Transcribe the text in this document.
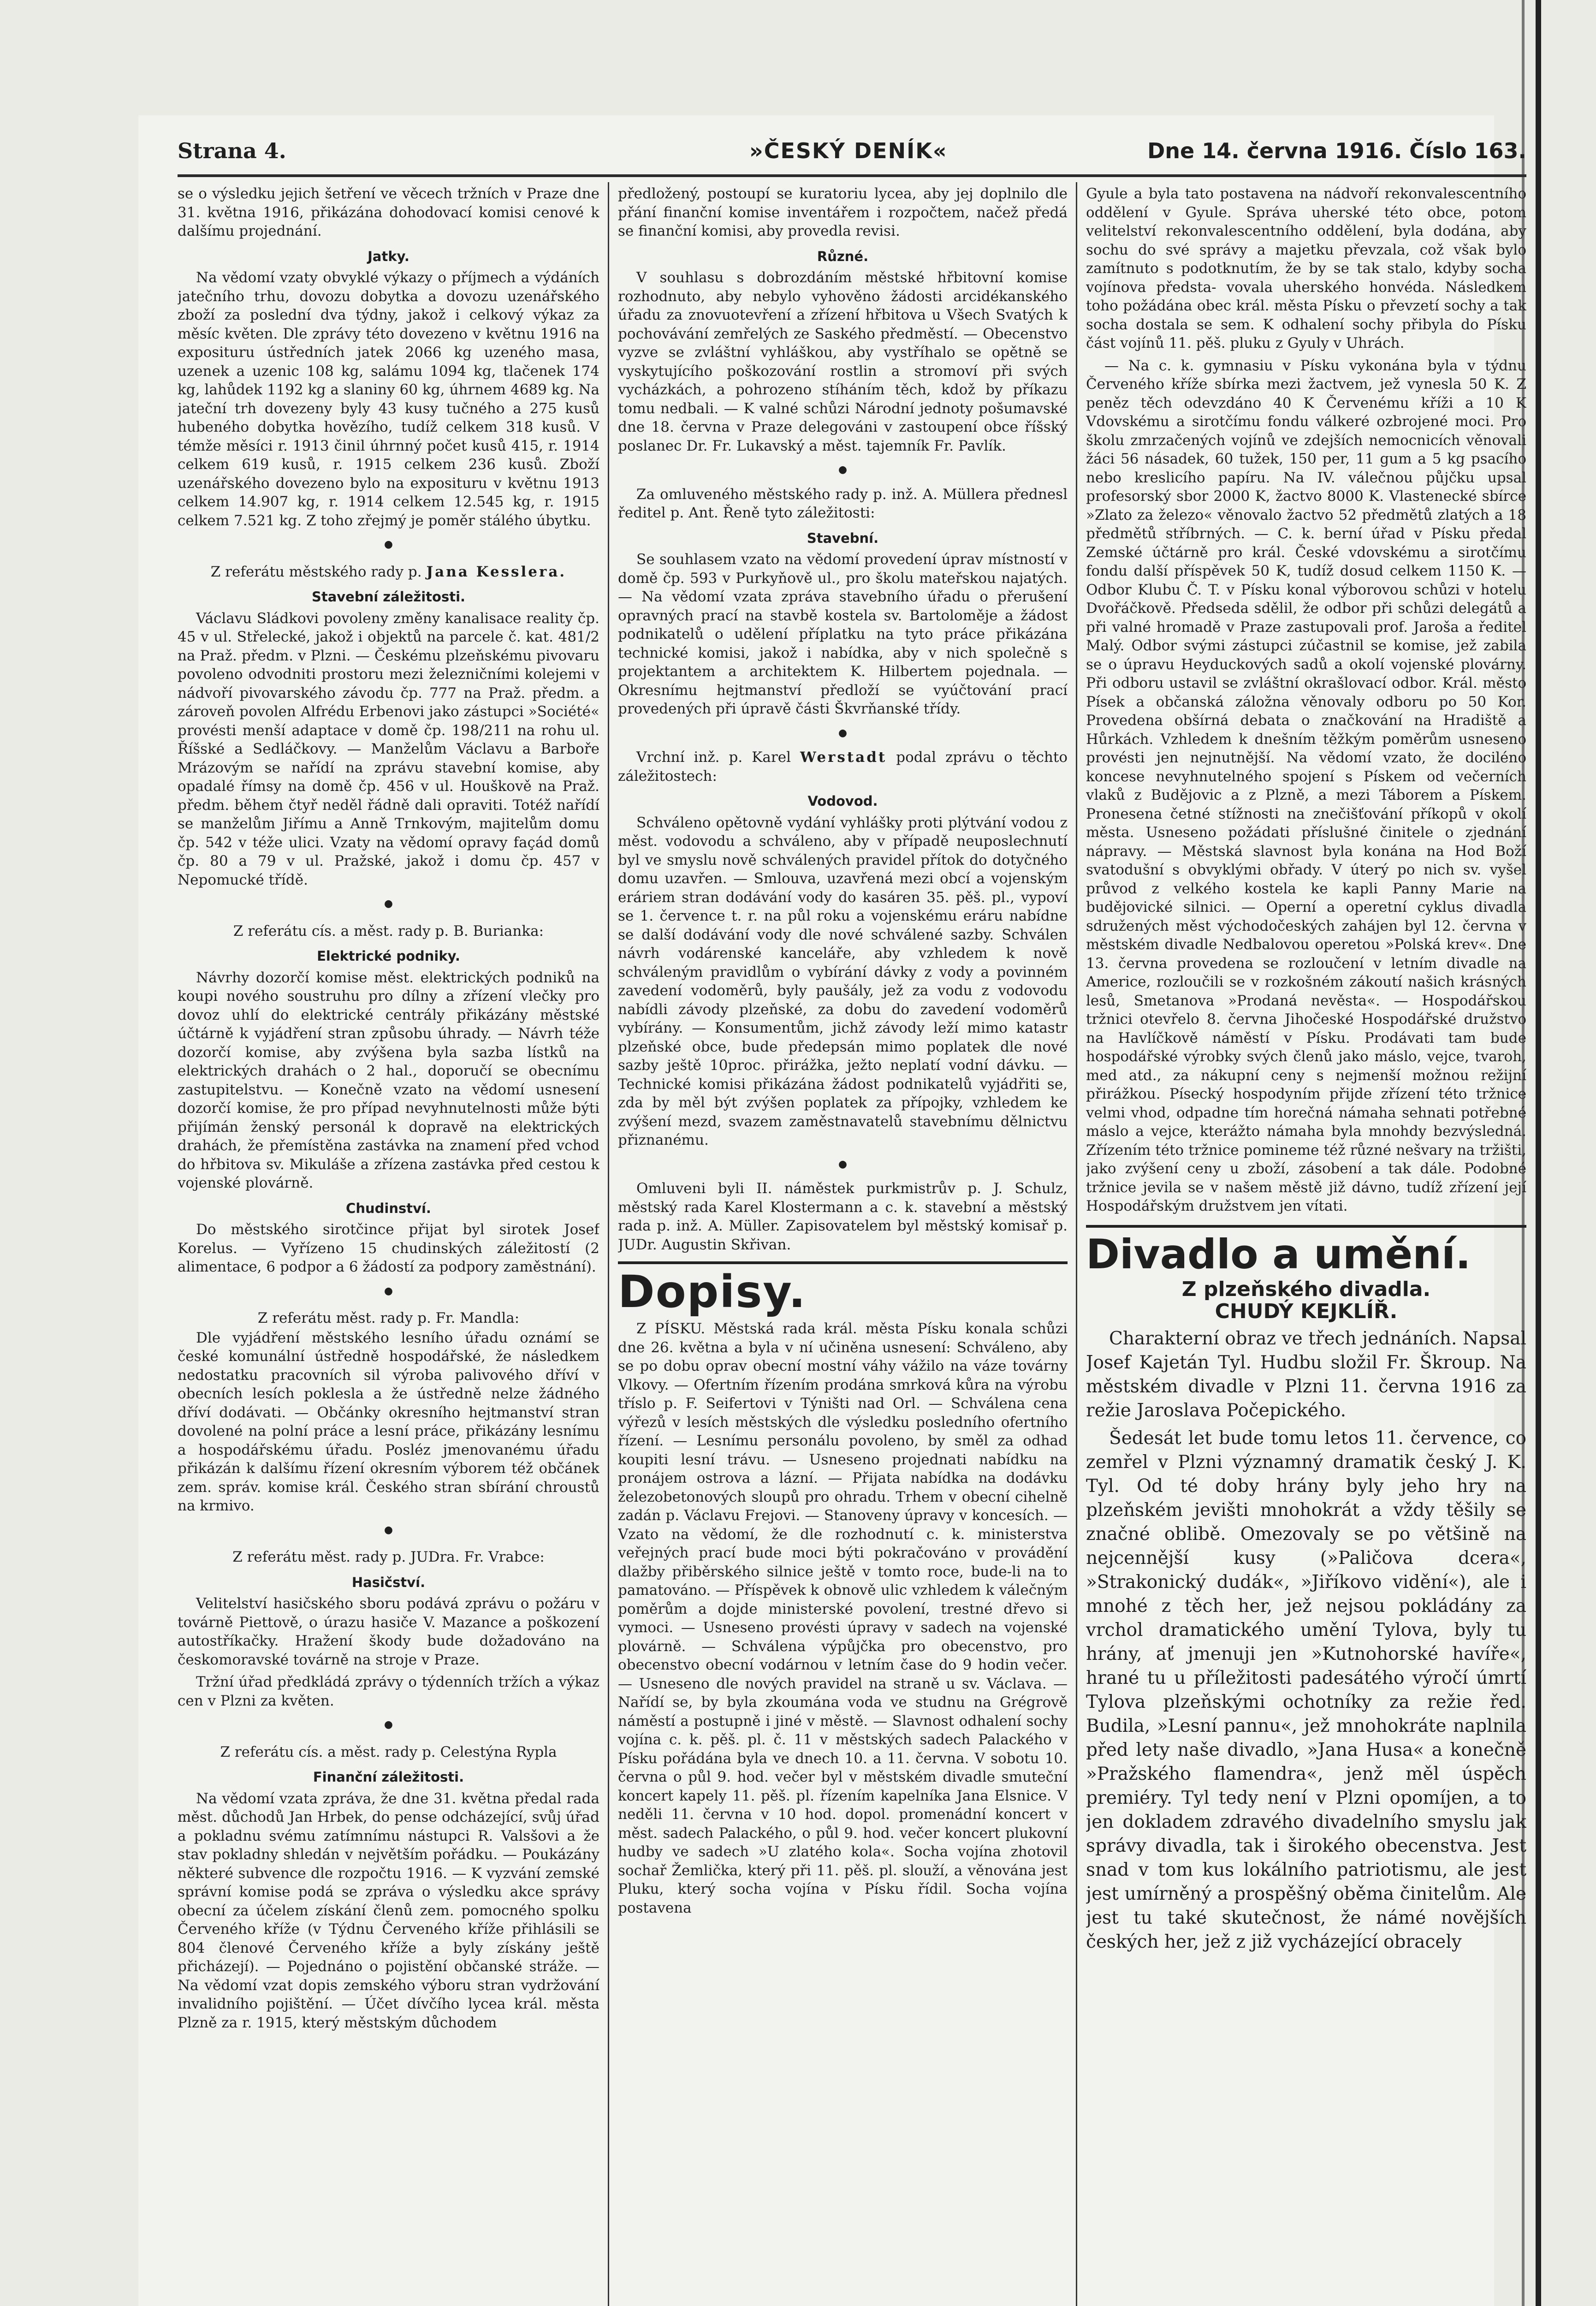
Strana 4.	»ČESKÝ DENÍK«	Dne 14. června 1916. Číslo 163.

se o výsledku jejich šetření ve věcech tržních v Praze dne 31. května 1916, přikázána dohodovací komisi cenové k dalšímu projednání.

Jatky.

Na vědomí vzaty obvyklé výkazy o příjmech a výdáních jatečního trhu, dovozu dobytka a dovozu uzenářského zboží za poslední dva týdny, jakož i celkový výkaz za měsíc květen. Dle zprávy této dovezeno v květnu 1916 na exposituru ústředních jatek 2066 kg uzeného masa, uzenek a uzenic 108 kg, salámu 1094 kg, tlačenek 174 kg, lahůdek 1192 kg a slaniny 60 kg, úhrnem 4689 kg. Na jateční trh dovezeny byly 43 kusy tučného a 275 kusů hubeného dobytka hovězího, tudíž celkem 318 kusů. V témže měsíci r. 1913 činil úhrnný počet kusů 415, r. 1914 celkem 619 kusů, r. 1915 celkem 236 kusů. Zboží uzenářského dovezeno bylo na exposituru v květnu 1913 celkem 14.907 kg, r. 1914 celkem 12.545 kg, r. 1915 celkem 7.521 kg. Z toho zřejmý je poměr stálého úbytku.

●
Z referátu městského rady p. Jana Kesslera.
Stavební záležitosti.

Václavu Sládkovi povoleny změny kanalisace reality čp. 45 v ul. Střelecké, jakož i objektů na parcele č. kat. 481/2 na Praž. předm. v Plzni. — Českému plzeňskému pivovaru povoleno odvodniti prostoru mezi železničními kolejemi v nádvoří pivovarského závodu čp. 777 na Praž. předm. a zároveň povolen Alfrédu Erbenovi jako zástupci »Société« provésti menší adaptace v domě čp. 198/211 na rohu ul. Říšské a Sedláčkovy. — Manželům Václavu a Barboře Mrázovým se nařídí na zprávu stavební komise, aby opadalé římsy na domě čp. 456 v ul. Houškově na Praž. předm. během čtyř neděl řádně dali opraviti. Totéž nařídí se manželům Jiřímu a Anně Trnkovým, majitelům domu čp. 542 v téže ulici. Vzaty na vědomí opravy façád domů čp. 80 a 79 v ul. Pražské, jakož i domu čp. 457 v Nepomucké třídě.

●
Z referátu cís. a měst. rady p. B. Burianka:
Elektrické podniky.

Návrhy dozorčí komise měst. elektrických podniků na koupi nového soustruhu pro dílny a zřízení vlečky pro dovoz uhlí do elektrické centrály přikázány městské účtárně k vyjádření stran způsobu úhrady. — Návrh téže dozorčí komise, aby zvýšena byla sazba lístků na elektrických drahách o 2 hal., doporučí se obecnímu zastupitelstvu. — Konečně vzato na vědomí usnesení dozorčí komise, že pro případ nevyhnutelnosti může býti přijímán ženský personál k dopravě na elektrických drahách, že přemístěna zastávka na znamení před vchod do hřbitova sv. Mikuláše a zřízena zastávka před cestou k vojenské plovárně.

Chudinství.

Do městského sirotčince přijat byl sirotek Josef Korelus. — Vyřízeno 15 chudinských záležitostí (2 alimentace, 6 podpor a 6 žádostí za podpory zaměstnání).

●
Z referátu měst. rady p. Fr. Mandla:

Dle vyjádření městského lesního úřadu oznámí se české komunální ústředně hospodářské, že následkem nedostatku pracovních sil výroba palivového dříví v obecních lesích poklesla a že ústředně nelze žádného dříví dodávati. — Občánky okresního hejtmanství stran dovolené na polní práce a lesní práce, přikázány lesnímu a hospodářskému úřadu. Posléz jmenovanému úřadu přikázán k dalšímu řízení okresním výborem též občánek zem. správ. komise král. Českého stran sbírání chroustů na krmivo.

●
Z referátu měst. rady p. JUDra. Fr. Vrabce:
Hasičství.

Velitelství hasičského sboru podává zprávu o požáru v továrně Piettově, o úrazu hasiče V. Mazance a poškození autostříkačky. Hražení škody bude dožadováno na českomoravské továrně na stroje v Praze.

Tržní úřad předkládá zprávy o týdenních tržích a výkaz cen v Plzni za květen.

●
Z referátu cís. a měst. rady p. Celestýna Rypla
Finanční záležitosti.

Na vědomí vzata zpráva, že dne 31. května předal rada měst. důchodů Jan Hrbek, do pense odcházející, svůj úřad a pokladnu svému zatímnímu nástupci R. Valsšovi a že stav pokladny shledán v největším pořádku. — Poukázány některé subvence dle rozpočtu 1916. — K vyzvání zemské správní komise podá se zpráva o výsledku akce správy obecní za účelem získání členů zem. pomocného spolku Červeného kříže (v Týdnu Červeného kříže přihlásili se 804 členové Červeného kříže a byly získány ještě přicházejí). — Pojednáno o pojistění občanské stráže. — Na vědomí vzat dopis zemského výboru stran vydržování invalidního pojištění. — Účet dívčího lycea král. města Plzně za r. 1915, který městským důchodem

předložený, postoupí se kuratoriu lycea, aby jej doplnilo dle přání finanční komise inventářem i rozpočtem, načež předá se finanční komisi, aby provedla revisi.

Různé.

V souhlasu s dobrozdáním městské hřbitovní komise rozhodnuto, aby nebylo vyhověno žádosti arcidékanského úřadu za znovuotevření a zřízení hřbitova u Všech Svatých k pochovávání zemřelých ze Saského předměstí. — Obecenstvo vyzve se zvláštní vyhláškou, aby vystříhalo se opětně se vyskytujícího poškozování rostlin a stromoví při svých vycházkách, a pohrozeno stíháním těch, kdož by příkazu tomu nedbali. — K valné schůzi Národní jednoty pošumavské dne 18. června v Praze delegováni v zastoupení obce říšský poslanec Dr. Fr. Lukavský a měst. tajemník Fr. Pavlík.

●

Za omluveného městského rady p. inž. A. Müllera přednesl ředitel p. Ant. Řeně tyto záležitosti:

Stavební.

Se souhlasem vzato na vědomí provedení úprav místností v domě čp. 593 v Purkyňově ul., pro školu mateřskou najatých. — Na vědomí vzata zpráva stavebního úřadu o přerušení opravných prací na stavbě kostela sv. Bartoloměje a žádost podnikatelů o udělení příplatku na tyto práce přikázána technické komisi, jakož i nabídka, aby v nich společně s projektantem a architektem K. Hilbertem pojednala. — Okresnímu hejtmanství předloží se vyúčtování prací provedených při úpravě části Škvrňanské třídy.

●

Vrchní inž. p. Karel Werstadt podal zprávu o těchto záležitostech:

Vodovod.

Schváleno opětovně vydání vyhlášky proti plýtvání vodou z měst. vodovodu a schváleno, aby v případě neuposlechnutí byl ve smyslu nově schválených pravidel přítok do dotyčného domu uzavřen. — Smlouva, uzavřená mezi obcí a vojenským eráriem stran dodávání vody do kasáren 35. pěš. pl., vypoví se 1. července t. r. na půl roku a vojenskému eráru nabídne se další dodávání vody dle nové schválené sazby. Schválen návrh vodárenské kanceláře, aby vzhledem k nově schváleným pravidlům o vybírání dávky z vody a povinném zavedení vodoměrů, byly paušály, jež za vodu z vodovodu nabídli závody plzeňské, za dobu do zavedení vodoměrů vybírány. — Konsumentům, jichž závody leží mimo katastr plzeňské obce, bude předepsán mimo poplatek dle nové sazby ještě 10proc. přirážka, ježto neplatí vodní dávku. — Technické komisi přikázána žádost podnikatelů vyjádřiti se, zda by měl být zvýšen poplatek za přípojky, vzhledem ke zvýšení mezd, svazem zaměstnavatelů stavebnímu dělnictvu přiznanému.

●

Omluveni byli II. náměstek purkmistrův p. J. Schulz, městský rada Karel Klostermann a c. k. stavební a městský rada p. inž. A. Müller. Zapisovatelem byl městský komisař p. JUDr. Augustin Skřivan.

Dopisy.

Z PÍSKU. Městská rada král. města Písku konala schůzi dne 26. května a byla v ní učiněna usnesení: Schváleno, aby se po dobu oprav obecní mostní váhy vážilo na váze továrny Vlkovy. — Ofertním řízením prodána smrková kůra na výrobu tříslo p. F. Seifertovi v Týništi nad Orl. — Schválena cena výřezů v lesích městských dle výsledku posledního ofertního řízení. — Lesnímu personálu povoleno, by směl za odhad koupiti lesní trávu. — Usneseno projednati nabídku na pronájem ostrova a lázní. — Přijata nabídka na dodávku železobetonových sloupů pro ohradu. Trhem v obecní cihelně zadán p. Václavu Frejovi. — Stanoveny úpravy v koncesích. — Vzato na vědomí, že dle rozhodnutí c. k. ministerstva veřejných prací bude moci býti pokračováno v provádění dlažby přiběrského silnice ještě v tomto roce, bude-li na to pamatováno. — Příspěvek k obnově ulic vzhledem k válečným poměrům a dojde ministerské povolení, trestné dřevo si vymoci. — Usneseno provésti úpravy v sadech na vojenské plovárně. — Schválena výpůjčka pro obecenstvo, pro obecenstvo obecní vodárnou v letním čase do 9 hodin večer. — Usneseno dle nových pravidel na straně u sv. Václava. — Nařídí se, by byla zkoumána voda ve studnu na Grégrově náměstí a postupně i jiné v městě. — Slavnost odhalení sochy vojína c. k. pěš. pl. č. 11 v městských sadech Palackého v Písku pořádána byla ve dnech 10. a 11. června. V sobotu 10. června o půl 9. hod. večer byl v městském divadle smuteční koncert kapely 11. pěš. pl. řízením kapelníka Jana Elsnice. V neděli 11. června v 10 hod. dopol. promenádní koncert v měst. sadech Palackého, o půl 9. hod. večer koncert plukovní hudby ve sadech »U zlatého kola«. Socha vojína zhotovil sochař Žemlička, který při 11. pěš. pl. slouží, a věnována jest Pluku, který socha vojína v Písku řídil. Socha vojína postavena

Gyule a byla tato postavena na nádvoří rekonvalescentního oddělení v Gyule. Správa uherské této obce, potom velitelství rekonvalescentního oddělení, byla dodána, aby sochu do své správy a majetku převzala, což však bylo zamítnuto s podotknutím, že by se tak stalo, kdyby socha vojínova předsta- vovala uherského honvéda. Následkem toho požádána obec král. města Písku o převzetí sochy a tak socha dostala se sem. K odhalení sochy přibyla do Písku část vojínů 11. pěš. pluku z Gyuly v Uhrách.

— Na c. k. gymnasiu v Písku vykonána byla v týdnu Červeného kříže sbírka mezi žactvem, jež vynesla 50 K. Z peněz těch odevzdáno 40 K Červenému kříži a 10 K Vdovskému a sirotčímu fondu válkeré ozbrojené moci. Pro školu zmrzačených vojínů ve zdejších nemocnicích věnovali žáci 56 násadek, 60 tužek, 150 per, 11 gum a 5 kg psacího nebo kreslicího papíru. Na IV. válečnou půjčku upsal profesorský sbor 2000 K, žactvo 8000 K. Vlastenecké sbírce »Zlato za železo« věnovalo žactvo 52 předmětů zlatých a 18 předmětů stříbrných. — C. k. berní úřad v Písku předal Zemské účtárně pro král. České vdovskému a sirotčímu fondu další příspěvek 50 K, tudíž dosud celkem 1150 K. — Odbor Klubu Č. T. v Písku konal výborovou schůzi v hotelu Dvořáčkově. Předseda sdělil, že odbor při schůzi delegátů a při valné hromadě v Praze zastupovali prof. Jaroša a ředitel Malý. Odbor svými zástupci zúčastnil se komise, jež zabila se o úpravu Heyduckových sadů a okolí vojenské plovárny. Při odboru ustavil se zvláštní okrašlovací odbor. Král. město Písek a občanská záložna věnovaly odboru po 50 Kor. Provedena obšírná debata o značkování na Hradiště a Hůrkách. Vzhledem k dnešním těžkým poměrům usneseno provésti jen nejnutnější. Na vědomí vzato, že dociléno koncese nevyhnutelného spojení s Pískem od večerních vlaků z Budějovic a z Plzně, a mezi Táborem a Pískem. Pronesena četné stížnosti na znečišťování příkopů v okolí města. Usneseno požádati příslušné činitele o zjednání nápravy. — Městská slavnost byla konána na Hod Boží svatodušní s obvyklými obřady. V úterý po nich sv. vyšel průvod z velkého kostela ke kapli Panny Marie na budějovické silnici. — Operní a operetní cyklus divadla sdružených měst východočeských zahájen byl 12. června v městském divadle Nedbalovou operetou »Polská krev«. Dne 13. června provedena se rozloučení v letním divadle na Americe, rozloučili se v rozkošném zákoutí našich krásných lesů, Smetanova »Prodaná nevěsta«. — Hospodářskou tržnici otevřelo 8. června Jihočeské Hospodářské družstvo na Havlíčkově náměstí v Písku. Prodávati tam bude hospodářské výrobky svých členů jako máslo, vejce, tvaroh, med atd., za nákupní ceny s nejmenší možnou režijní přirážkou. Písecký hospodyním přijde zřízení této tržnice velmi vhod, odpadne tím horečná námaha sehnati potřebné máslo a vejce, kterážto námaha byla mnohdy bezvýsledná. Zřízením této tržnice pomineme též různé nešvary na tržišti, jako zvýšení ceny u zboží, zásobení a tak dále. Podobné tržnice jevila se v našem městě již dávno, tudíž zřízení její Hospodářským družstvem jen vítati.

Divadlo a umění.
Z plzeňského divadla.
CHUDÝ KEJKLÍŘ.

Charakterní obraz ve třech jednáních. Napsal Josef Kajetán Tyl. Hudbu složil Fr. Škroup. Na městském divadle v Plzni 11. června 1916 za režie Jaroslava Počepického.

Šedesát let bude tomu letos 11. července, co zemřel v Plzni významný dramatik český J. K. Tyl. Od té doby hrány byly jeho hry na plzeňském jevišti mnohokrát a vždy těšily se značné oblibě. Omezovaly se po většině na nejcennější kusy (»Paličova dcera«, »Strakonický dudák«, »Jiříkovo vidění«), ale i mnohé z těch her, jež nejsou pokládány za vrchol dramatického umění Tylova, byly tu hrány, ať jmenuji jen »Kutnohorské havíře«, hrané tu u příležitosti padesátého výročí úmrtí Tylova plzeňskými ochotníky za režie řed. Budila, »Lesní pannu«, jež mnohokráte naplnila před lety naše divadlo, »Jana Husa« a konečně »Pražského flamendra«, jenž měl úspěch premiéry. Tyl tedy není v Plzni opomíjen, a to jen dokladem zdravého divadelního smyslu jak správy divadla, tak i širokého obecenstva. Jest snad v tom kus lokálního patriotismu, ale jest jest umírněný a prospěšný oběma činitelům. Ale jest tu také skutečnost, že námé novějších českých her, jež z již vycházející obracely
